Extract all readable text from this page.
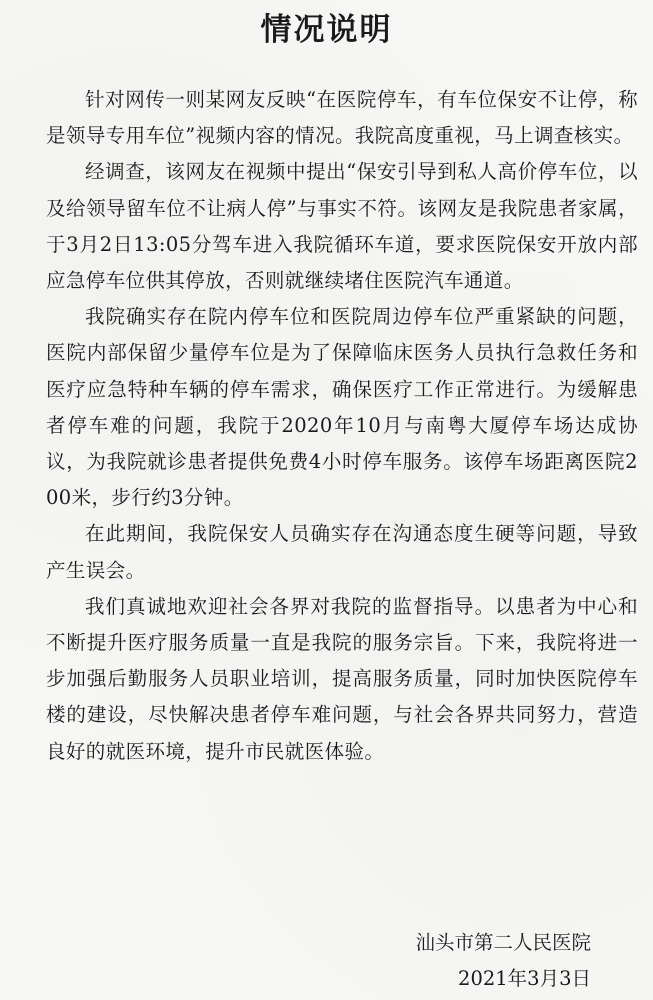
情况说明

针对网传一则某网友反映“在医院停车，有车位保安不让停，称是领导专用车位”视频内容的情况。我院高度重视，马上调查核实。

经调查，该网友在视频中提出“保安引导到私人高价停车位，以及给领导留车位不让病人停”与事实不符。该网友是我院患者家属，于3月2日13:05分驾车进入我院循环车道，要求医院保安开放内部应急停车位供其停放，否则就继续堵住医院汽车通道。

我院确实存在院内停车位和医院周边停车位严重紧缺的问题，医院内部保留少量停车位是为了保障临床医务人员执行急救任务和医疗应急特种车辆的停车需求，确保医疗工作正常进行。为缓解患者停车难的问题，我院于2020年10月与南粤大厦停车场达成协议，为我院就诊患者提供免费4小时停车服务。该停车场距离医院200米，步行约3分钟。

在此期间，我院保安人员确实存在沟通态度生硬等问题，导致产生误会。

我们真诚地欢迎社会各界对我院的监督指导。以患者为中心和不断提升医疗服务质量一直是我院的服务宗旨。下来，我院将进一步加强后勤服务人员职业培训，提高服务质量，同时加快医院停车楼的建设，尽快解决患者停车难问题，与社会各界共同努力，营造良好的就医环境，提升市民就医体验。

汕头市第二人民医院
2021年3月3日
